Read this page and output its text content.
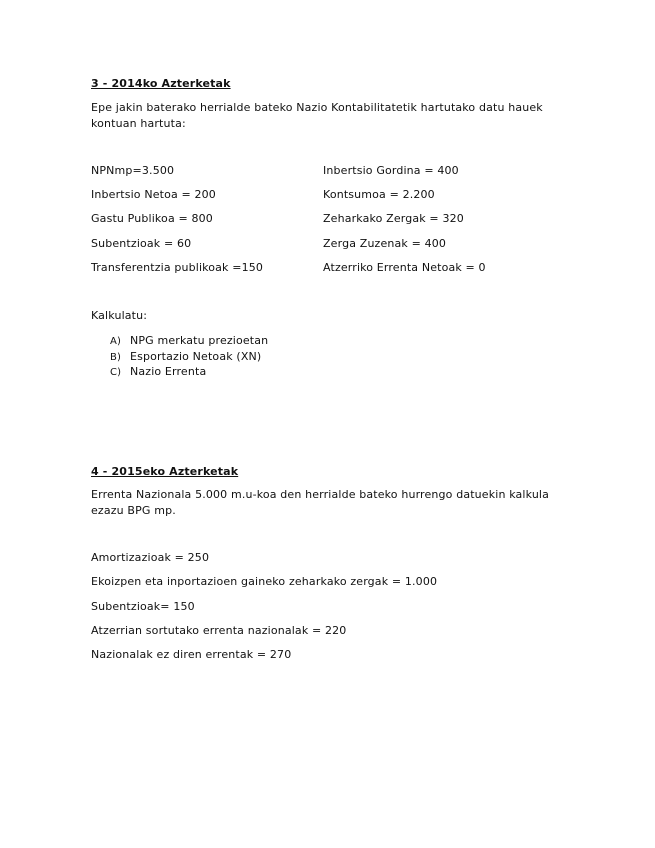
3 - 2014ko Azterketak
Epe jakin baterako herrialde bateko Nazio Kontabilitatetik hartutako datu hauek kontuan hartuta:
NPNmp=3.500
Inbertsio Netoa = 200
Gastu Publikoa = 800
Subentzioak = 60
Transferentzia publikoak =150
Inbertsio Gordina = 400
Kontsumoa = 2.200
Zeharkako Zergak = 320
Zerga Zuzenak = 400
Atzerriko Errenta Netoak = 0
Kalkulatu:
A) NPG merkatu prezioetan
B) Esportazio Netoak (XN)
C) Nazio Errenta
4 - 2015eko Azterketak
Errenta Nazionala 5.000 m.u-koa den herrialde bateko hurrengo datuekin kalkula ezazu BPG mp.
Amortizazioak = 250
Ekoizpen eta inportazioen gaineko zeharkako zergak = 1.000
Subentzioak= 150
Atzerrian sortutako errenta nazionalak = 220
Nazionalak ez diren errentak = 270
